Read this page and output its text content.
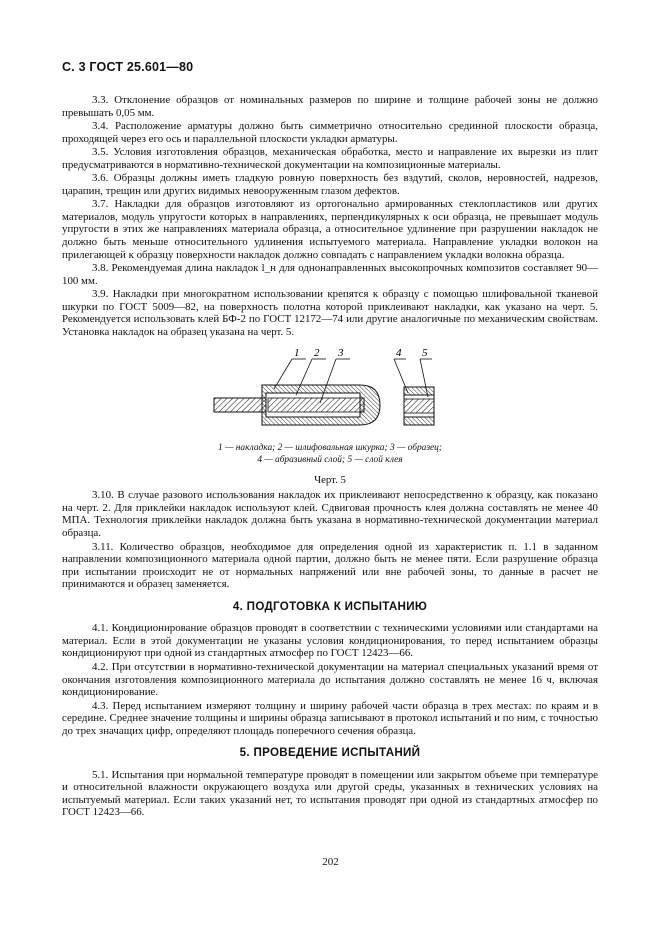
С. 3 ГОСТ 25.601—80

3.3. Отклонение образцов от номинальных размеров по ширине и толщине рабочей зоны не должно превышать 0,05 мм.

3.4. Расположение арматуры должно быть симметрично относительно срединной плоскости образца, проходящей через его ось и параллельной плоскости укладки арматуры.

3.5. Условия изготовления образцов, механическая обработка, место и направление их вырезки из плит предусматриваются в нормативно-технической документации на композиционные материалы.

3.6. Образцы должны иметь гладкую ровную поверхность без вздутий, сколов, неровностей, надрезов, царапин, трещин или других видимых невооруженным глазом дефектов.

3.7. Накладки для образцов изготовляют из ортогонально армированных стеклопластиков или других материалов, модуль упругости которых в направлениях, перпендикулярных к оси образца, не превышает модуль упругости в этих же направлениях материала образца, а относительное удлинение при разрушении накладок не должно быть меньше относительного удлинения испытуемого материала. Направление укладки волокон на прилегающей к образцу поверхности накладок должно совпадать с направлением укладки волокна образца.

3.8. Рекомендуемая длина накладок l_н для однонаправленных высокопрочных композитов составляет 90—100 мм.

3.9. Накладки при многократном использовании крепятся к образцу с помощью шлифовальной тканевой шкурки по ГОСТ 5009—82, на поверхность полотна которой приклеивают накладки, как указано на черт. 5. Рекомендуется использовать клей БФ-2 по ГОСТ 12172—74 или другие аналогичные по механическим свойствам. Установка накладок на образец указана на черт. 5.

1 2 3	4 5
1 — накладка; 2 — шлифовальная шкурка; 3 — образец;
4 — абразивный слой; 5 — слой клея
Черт. 5

3.10. В случае разового использования накладок их приклеивают непосредственно к образцу, как показано на черт. 2. Для приклейки накладок используют клей. Сдвиговая прочность клея должна составлять не менее 40 МПА. Технология приклейки накладок должна быть указана в нормативно-технической документации материал образца.

3.11. Количество образцов, необходимое для определения одной из характеристик п. 1.1 в заданном направлении композиционного материала одной партии, должно быть не менее пяти. Если разрушение образца при испытании происходит не от нормальных напряжений или вне рабочей зоны, то данные в расчет не принимаются и образец заменяется.

4. ПОДГОТОВКА К ИСПЫТАНИЮ

4.1. Кондиционирование образцов проводят в соответствии с техническими условиями или стандартами на материал. Если в этой документации не указаны условия кондиционирования, то перед испытанием образцы кондиционируют при одной из стандартных атмосфер по ГОСТ 12423—66.

4.2. При отсутствии в нормативно-технической документации на материал специальных указаний время от окончания изготовления композиционного материала до испытания должно составлять не менее 16 ч, включая кондиционирование.

4.3. Перед испытанием измеряют толщину и ширину рабочей части образца в трех местах: по краям и в середине. Среднее значение толщины и ширины образца записывают в протокол испытаний и по ним, с точностью до трех значащих цифр, определяют площадь поперечного сечения образца.

5. ПРОВЕДЕНИЕ ИСПЫТАНИЙ

5.1. Испытания при нормальной температуре проводят в помещении или закрытом объеме при температуре и относительной влажности окружающего воздуха или другой среды, указанных в технических условиях на испытуемый материал. Если таких указаний нет, то испытания проводят при одной из стандартных атмосфер по ГОСТ 12423—66.

202
